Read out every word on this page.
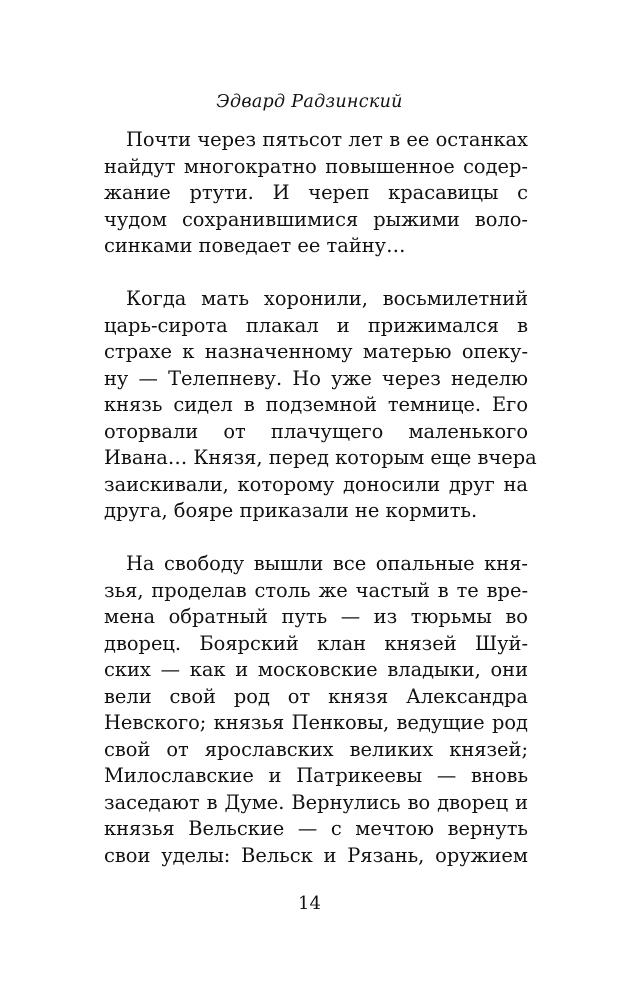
Эдвард Радзинский
Почти через пятьсот лет в ее останках
найдут многократно повышенное содер-
жание ртути. И череп красавицы с
чудом сохранившимися рыжими воло-
синками поведает ее тайну…
Когда мать хоронили, восьмилетний
царь-сирота плакал и прижимался в
страхе к назначенному матерью опеку-
ну — Телепневу. Но уже через неделю
князь сидел в подземной темнице. Его
оторвали от плачущего маленького
Ивана… Князя, перед которым еще вчера
заискивали, которому доносили друг на
друга, бояре приказали не кормить.
На свободу вышли все опальные кня-
зья, проделав столь же частый в те вре-
мена обратный путь — из тюрьмы во
дворец. Боярский клан князей Шуй-
ских — как и московские владыки, они
вели свой род от князя Александра
Невского; князья Пенковы, ведущие род
свой от ярославских великих князей;
Милославские и Патрикеевы — вновь
заседают в Думе. Вернулись во дворец и
князья Вельские — с мечтою вернуть
свои уделы: Вельск и Рязань, оружием
14
